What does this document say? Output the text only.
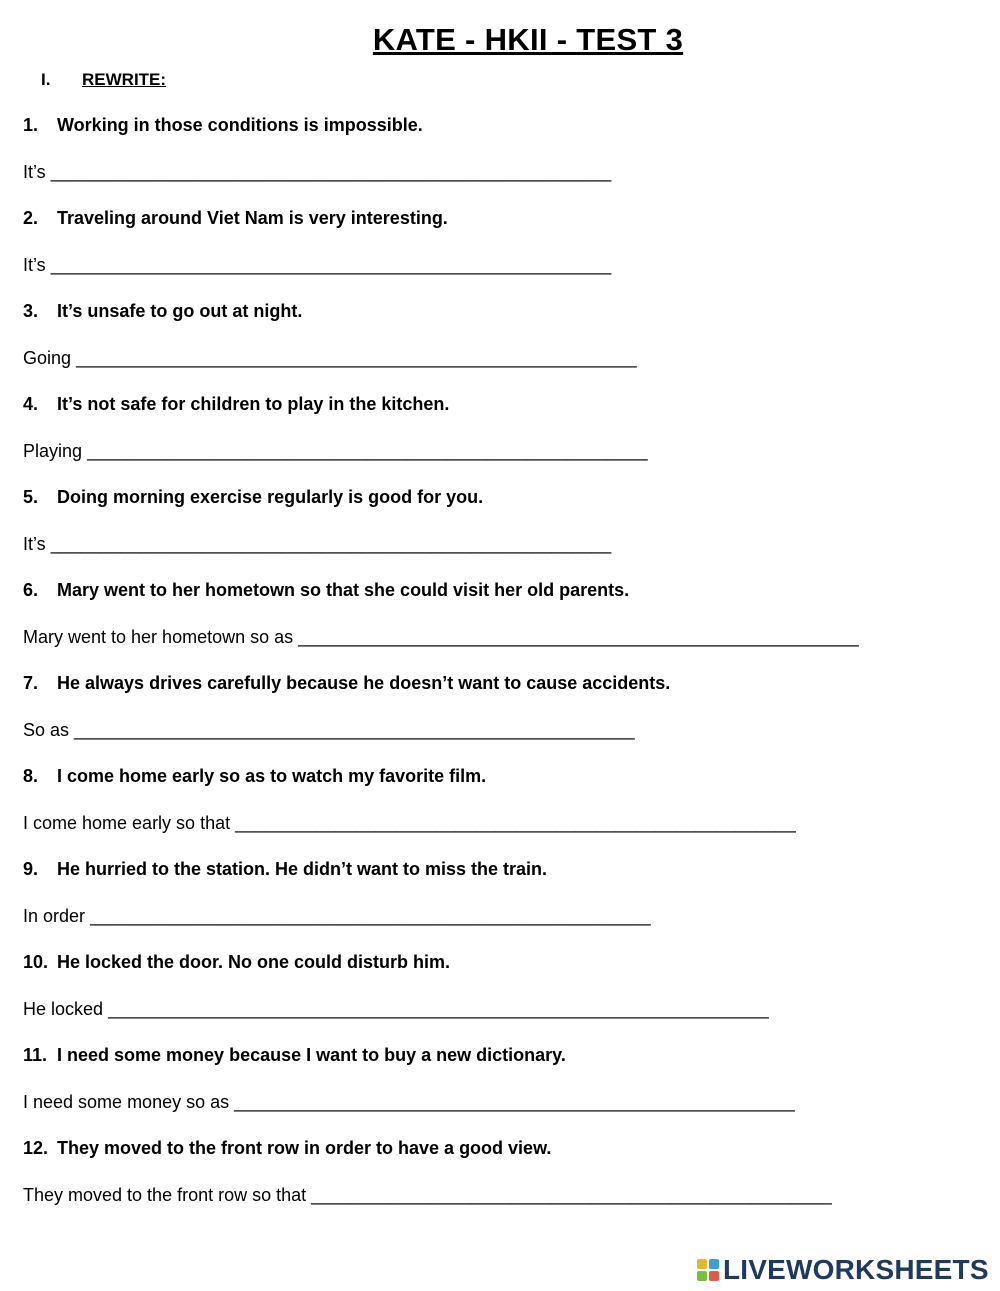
KATE - HKII - TEST 3
I.	REWRITE:
1. Working in those conditions is impossible.
It’s ________________________________________________________
2. Traveling around Viet Nam is very interesting.
It’s ________________________________________________________
3. It’s unsafe to go out at night.
Going ________________________________________________________
4. It’s not safe for children to play in the kitchen.
Playing ________________________________________________________
5. Doing morning exercise regularly is good for you.
It’s ________________________________________________________
6. Mary went to her hometown so that she could visit her old parents.
Mary went to her hometown so as ________________________________________________________
7. He always drives carefully because he doesn’t want to cause accidents.
So as ________________________________________________________
8. I come home early so as to watch my favorite film.
I come home early so that ________________________________________________________
9. He hurried to the station. He didn’t want to miss the train.
In order ________________________________________________________
10. He locked the door. No one could disturb him.
He locked __________________________________________________________________
11. I need some money because I want to buy a new dictionary.
I need some money so as ________________________________________________________
12. They moved to the front row in order to have a good view.
They moved to the front row so that ____________________________________________________
LIVEWORKSHEETS
